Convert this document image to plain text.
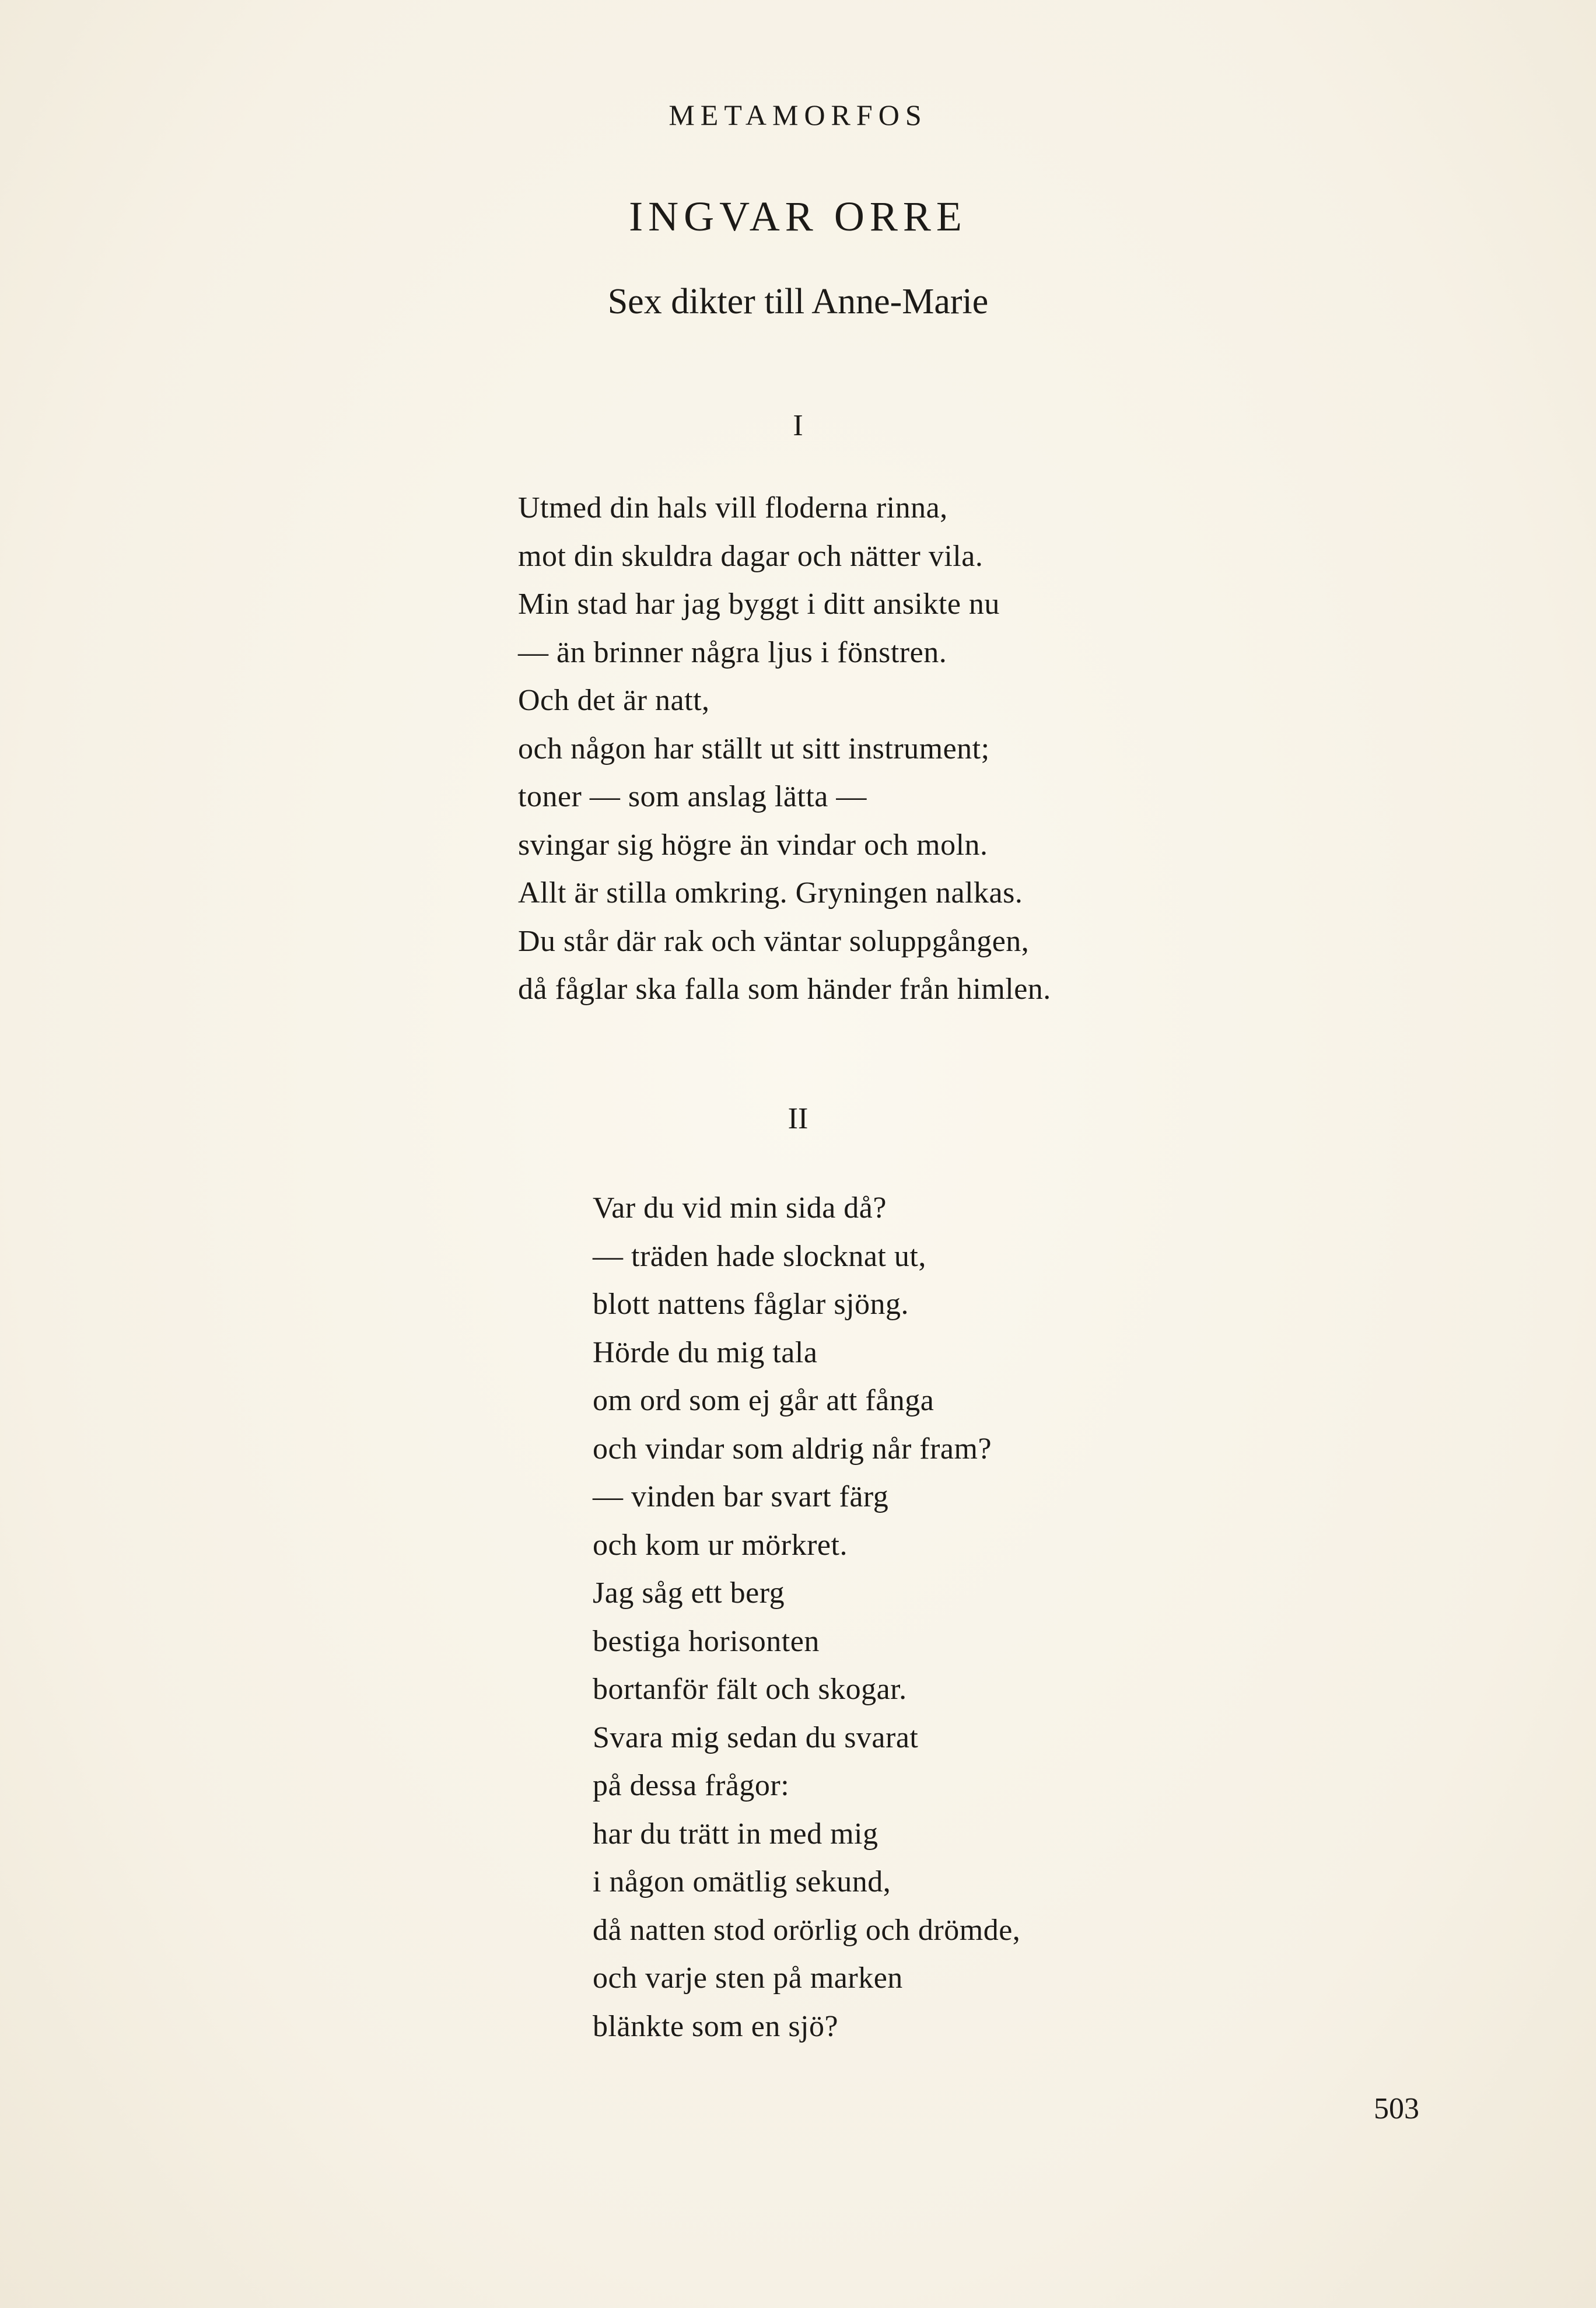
METAMORFOS
INGVAR ORRE
Sex dikter till Anne-Marie
I
Utmed din hals vill floderna rinna,
mot din skuldra dagar och nätter vila.
Min stad har jag byggt i ditt ansikte nu
— än brinner några ljus i fönstren.
Och det är natt,
och någon har ställt ut sitt instrument;
toner — som anslag lätta —
svingar sig högre än vindar och moln.
Allt är stilla omkring. Gryningen nalkas.
Du står där rak och väntar soluppgången,
då fåglar ska falla som händer från himlen.
II
Var du vid min sida då?
— träden hade slocknat ut,
blott nattens fåglar sjöng.
Hörde du mig tala
om ord som ej går att fånga
och vindar som aldrig når fram?
— vinden bar svart färg
och kom ur mörkret.
Jag såg ett berg
bestiga horisonten
bortanför fält och skogar.
Svara mig sedan du svarat
på dessa frågor:
har du trätt in med mig
i någon omätlig sekund,
då natten stod orörlig och drömde,
och varje sten på marken
blänkte som en sjö?
503
